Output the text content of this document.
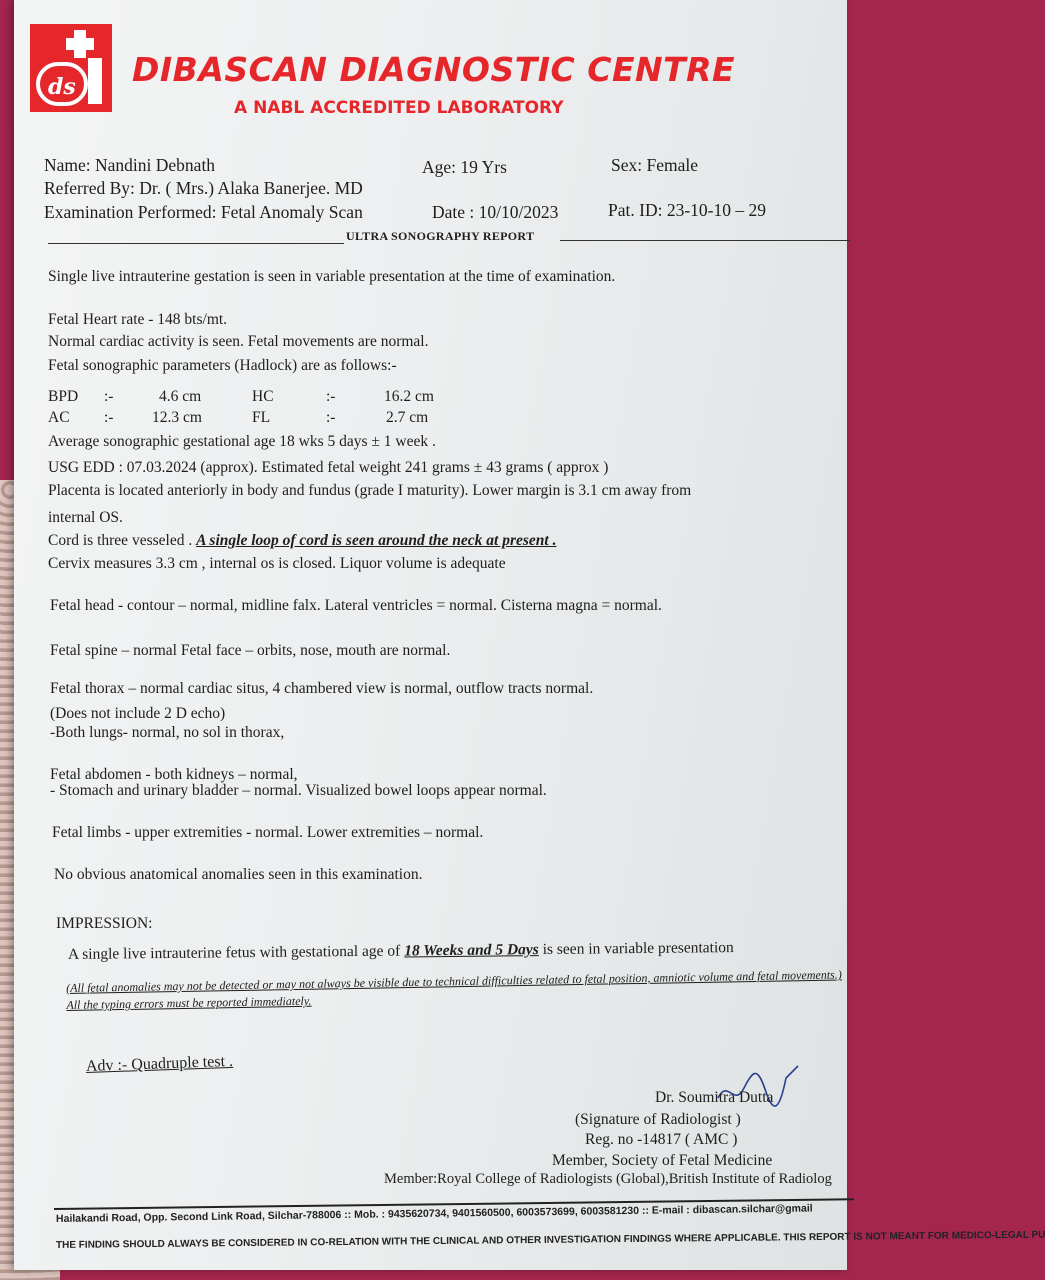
ds DIBASCAN DIAGNOSTIC CENTRE
A NABL ACCREDITED LABORATORY
Name: Nandini Debnath	Age: 19 Yrs	Sex: Female
Referred By: Dr. ( Mrs.) Alaka Banerjee. MD
Examination Performed: Fetal Anomaly Scan	Date : 10/10/2023	Pat. ID: 23-10-10 – 29
ULTRA SONOGRAPHY REPORT
Single live intrauterine gestation is seen in variable presentation at the time of examination.
Fetal Heart rate - 148 bts/mt.
Normal cardiac activity is seen. Fetal movements are normal.
Fetal sonographic parameters (Hadlock) are as follows:-
BPD :-	4.6 cm	HC	:-	16.2 cm
AC :- 12.3 cm	FL	:-	2.7 cm
Average sonographic gestational age 18 wks 5 days ± 1 week .
USG EDD : 07.03.2024 (approx). Estimated fetal weight 241 grams ± 43 grams ( approx )
Placenta is located anteriorly in body and fundus (grade I maturity). Lower margin is 3.1 cm away from
internal OS.
Cord is three vesseled . A single loop of cord is seen around the neck at present .
Cervix measures 3.3 cm , internal os is closed. Liquor volume is adequate
Fetal head - contour – normal, midline falx. Lateral ventricles = normal. Cisterna magna = normal.
Fetal spine – normal Fetal face – orbits, nose, mouth are normal.
Fetal thorax – normal cardiac situs, 4 chambered view is normal, outflow tracts normal.
(Does not include 2 D echo)
-Both lungs- normal, no sol in thorax,
Fetal abdomen - both kidneys – normal,
- Stomach and urinary bladder – normal. Visualized bowel loops appear normal.
Fetal limbs - upper extremities - normal. Lower extremities – normal.
No obvious anatomical anomalies seen in this examination.
IMPRESSION:
A single live intrauterine fetus with gestational age of 18 Weeks and 5 Days is seen in variable presentation
(All fetal anomalies may not be detected or may not always be visible due to technical difficulties related to fetal position, amniotic volume and fetal movements.) All the typing errors must be reported immediately.
Adv :- Quadruple test .
Dr. Soumitra Dutta
(Signature of Radiologist )
Reg. no -14817 ( AMC )
Member, Society of Fetal Medicine
Member:Royal College of Radiologists (Global),British Institute of Radiolog
Hailakandi Road, Opp. Second Link Road, Silchar-788006 :: Mob. : 9435620734, 9401560500, 6003573699, 6003581230 :: E-mail : dibascan.silchar@gmail
THE FINDING SHOULD ALWAYS BE CONSIDERED IN CO-RELATION WITH THE CLINICAL AND OTHER INVESTIGATION FINDINGS WHERE APPLICABLE. THIS REPORT IS NOT MEANT FOR MEDICO-LEGAL PU
